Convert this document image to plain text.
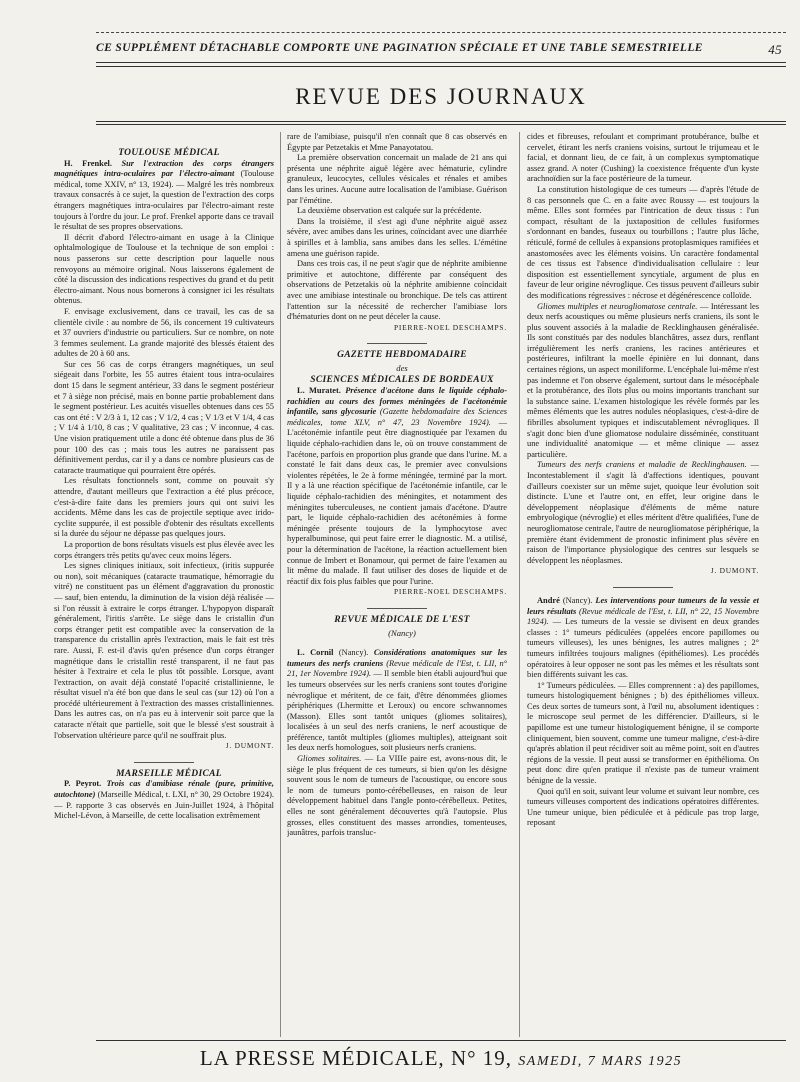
CE SUPPLÉMENT DÉTACHABLE COMPORTE UNE PAGINATION SPÉCIALE ET UNE TABLE SEMESTRIELLE	45
REVUE DES JOURNAUX

TOULOUSE MÉDICAL

H. Frenkel. Sur l'extraction des corps étrangers magnétiques intra-oculaires par l'électro-aimant (Toulouse médical, tome XXIV, n° 13, 1924). — Malgré les très nombreux travaux consacrés à ce sujet, la question de l'extraction des corps étrangers magnétiques intra-oculaires par l'électro-aimant reste toujours à l'ordre du jour. Le prof. Frenkel apporte dans ce travail le résultat de ses propres observations.

Il décrit d'abord l'électro-aimant en usage à la Clinique ophtalmologique de Toulouse et la technique de son emploi : nous passerons sur cette description pour laquelle nous renvoyons au mémoire original. Nous laisserons également de côté la discussion des indications respectives du grand et du petit électro-aimant. Nous nous bornerons à consigner ici les résultats obtenus.

F. envisage exclusivement, dans ce travail, les cas de sa clientèle civile : au nombre de 56, ils concernent 19 cultivateurs et 37 ouvriers d'industrie ou particuliers. Sur ce nombre, on note 3 femmes seulement. La grande majorité des blessés étaient des adultes de 20 à 60 ans.

Sur ces 56 cas de corps étrangers magnétiques, un seul siégeait dans l'orbite, les 55 autres étaient tous intra-oculaires dont 15 dans le segment antérieur, 33 dans le segment postérieur et 7 à siège non précisé, mais en bonne partie probablement dans le segment postérieur. Les acuités visuelles obtenues dans ces 55 cas ont été : V 2/3 à 1, 12 cas ; V 1/2, 4 cas ; V 1/3 et V 1/4, 4 cas ; V 1/4 à 1/10, 8 cas ; V qualitative, 23 cas ; V inconnue, 4 cas. Une vision pratiquement utile a donc été obtenue dans plus de 36 pour 100 des cas ; mais tous les autres ne paraissent pas définitivement perdus, car il y a dans ce nombre plusieurs cas de cataracte traumatique qui pourraient être opérés.

Les résultats fonctionnels sont, comme on pouvait s'y attendre, d'autant meilleurs que l'extraction a été plus précoce, c'est-à-dire faite dans les premiers jours qui ont suivi les accidents. Même dans les cas de projectile septique avec irido-cyclite suppurée, il est possible d'obtenir des résultats excellents si la durée du séjour ne dépasse pas quelques jours.

La proportion de bons résultats visuels est plus élevée avec les corps étrangers très petits qu'avec ceux moins légers.

Les signes cliniques initiaux, soit infectieux, (iritis suppurée ou non), soit mécaniques (cataracte traumatique, hémorragie du vitré) ne constituent pas un élément d'aggravation du pronostic — sauf, bien entendu, la diminution de la vision déjà réalisée — si l'on réussit à extraire le corps étranger. L'hypopyon disparaît généralement, l'iritis s'arrête. Le siège dans le cristallin d'un corps étranger petit est compatible avec la conservation de la transparence du cristallin après l'extraction, mais le fait est très rare. Aussi, F. est-il d'avis qu'en présence d'un corps étranger magnétique dans le cristallin resté transparent, il ne faut pas hésiter à l'extraire et cela le plus tôt possible. Lorsque, avant l'extraction, on avait déjà constaté l'opacité cristallinienne, le résultat visuel n'a été bon que dans le seul cas (sur 12) où l'on a procédé ultérieurement à l'extraction des masses cristalliniennes. Dans les autres cas, on n'a pas eu à intervenir soit parce que la cataracte n'était que partielle, soit que le blessé s'est soustrait à l'observation ultérieure parce qu'il ne souffrait plus.

J. DUMONT.

MARSEILLE MÉDICAL

P. Peyrot. Trois cas d'amibiase rénale (pure, primitive, autochtone) (Marseille Médical, t. LXI, n° 30, 29 Octobre 1924). — P. rapporte 3 cas observés en Juin-Juillet 1924, à l'hôpital Michel-Lévon, à Marseille, de cette localisation extrêmement

rare de l'amibiase, puisqu'il n'en connaît que 8 cas observés en Égypte par Petzetakis et Mme Panayotatou.

La première observation concernait un malade de 21 ans qui présenta une néphrite aiguë légère avec hématurie, cylindre granuleux, leucocytes, cellules vésicales et rénales et amibes dans les urines. Aucune autre localisation de l'amibiase. Guérison par l'émétine.

La deuxième observation est calquée sur la précédente.

Dans la troisième, il s'est agi d'une néphrite aiguë assez sévère, avec amibes dans les urines, coïncidant avec une diarrhée à spirilles et à lamblia, sans amibes dans les selles. L'émétine amena une guérison rapide.

Dans ces trois cas, il ne peut s'agir que de néphrite amibienne primitive et autochtone, différente par conséquent des observations de Petzetakis où la néphrite amibienne coïncidait avec une amibiase intestinale ou bronchique. De tels cas attirent l'attention sur la nécessité de rechercher l'amibiase lors d'hématuries dont on ne peut déceler la cause.

PIERRE-NOEL DESCHAMPS.

GAZETTE HEBDOMADAIRE

des

SCIENCES MÉDICALES DE BORDEAUX

L. Muratet. Présence d'acétone dans le liquide céphalo-rachidien au cours des formes méningées de l'acétonémie infantile, sans glycosurie (Gazette hebdomadaire des Sciences médicales, tome XLV, n° 47, 23 Novembre 1924). — L'acétonémie infantile peut être diagnostiquée par l'examen du liquide céphalo-rachidien dans le, où on trouve constamment de l'acétone, parfois en proportion plus grande que dans l'urine. M. a constaté le fait dans deux cas, le premier avec convulsions violentes répétées, le 2e à forme méningée, terminé par la mort. Il y a là une réaction spécifique de l'acétonémie infantile, car le liquide céphalo-rachidien des méningites, et notamment des méningites tuberculeuses, ne contient jamais d'acétone. D'autre part, le liquide céphalo-rachidien des acétonémies à forme méningée présente toujours de la lymphocytose avec hyperalbuminose, qui peut faire errer le diagnostic. M. a utilisé, pour la détermination de l'acétone, la réaction actuellement bien connue de Imbert et Bonamour, qui permet de faire l'examen au lit même du malade. Il faut utiliser des doses de liquide et de réactif dix fois plus faibles que pour l'urine.

PIERRE-NOEL DESCHAMPS.

REVUE MÉDICALE DE L'EST

(Nancy)

L. Cornil (Nancy). Considérations anatomiques sur les tumeurs des nerfs craniens (Revue médicale de l'Est, t. LII, n° 21, 1er Novembre 1924). — Il semble bien établi aujourd'hui que les tumeurs observées sur les nerfs craniens sont toutes d'origine névroglique et méritent, de ce fait, d'être dénommées gliomes périphériques (Lhermitte et Leroux) ou encore schwannomes (Masson). Elles sont tantôt uniques (gliomes solitaires), localisées à un seul des nerfs craniens, le nerf acoustique de préférence, tantôt multiples (gliomes multiples), atteignant soit les deux nerfs homologues, soit plusieurs nerfs craniens.

Gliomes solitaires. — La VIIIe paire est, avons-nous dit, le siège le plus fréquent de ces tumeurs, si bien qu'on les désigne souvent sous le nom de tumeurs de l'acoustique, ou encore sous le nom de tumeurs ponto-cérébelleuses, en raison de leur développement habituel dans l'angle ponto-cérébelleux. Petites, elles ne sont généralement découvertes qu'à l'autopsie. Plus grosses, elles constituent des masses arrondies, tomenteuses, jaunâtres, parfois transluc-

cides et fibreuses, refoulant et comprimant protubérance, bulbe et cervelet, étirant les nerfs craniens voisins, surtout le trijumeau et le facial, et donnant lieu, de ce fait, à un complexus symptomatique assez grand. A noter (Cushing) la coexistence fréquente d'un kyste arachnoïdien sur la face postérieure de la tumeur.

La constitution histologique de ces tumeurs — d'après l'étude de 8 cas personnels que C. en a faite avec Roussy — est toujours la même. Elles sont formées par l'intrication de deux tissus : l'un compact, résultant de la juxtaposition de cellules fusiformes s'ordonnant en bandes, fuseaux ou tourbillons ; l'autre plus lâche, réticulé, formé de cellules à expansions protoplasmiques ramifiées et anastomosées avec les éléments voisins. Un caractère fondamental de ces tissus est l'absence d'individualisation cellulaire : leur disposition est essentiellement syncytiale, argument de plus en faveur de leur origine névroglique. Ces tissus peuvent d'ailleurs subir des modifications régressives : nécrose et dégénérescence colloïde.

Gliomes multiples et neurogliomatose centrale. — Intéressant les deux nerfs acoustiques ou même plusieurs nerfs craniens, ils sont le plus souvent associés à la maladie de Recklinghausen généralisée. Ils sont constitués par des nodules blanchâtres, assez durs, renflant irrégulièrement les nerfs craniens, les racines antérieures et postérieures, infiltrant la moelle épinière en lui donnant, dans certaines régions, un aspect moniliforme. L'encéphale lui-même n'est pas indemne et l'on observe également, surtout dans le mésocéphale et la protubérance, des îlots plus ou moins importants tranchant sur la substance saine. L'examen histologique les révèle formés par les mêmes éléments que les autres nodules néoplasiques, c'est-à-dire de fibrilles absolument typiques et indiscutablement névrogliques. Il s'agit donc bien d'une gliomatose nodulaire disséminée, constituant une individualité anatomique — et même clinique — assez particulière.

Tumeurs des nerfs craniens et maladie de Recklinghausen. — Incontestablement il s'agit là d'affections identiques, pouvant d'ailleurs coexister sur un même sujet, quoique leur évolution soit distincte. L'une et l'autre ont, en effet, leur origine dans le développement néoplasique d'éléments de même nature embryologique (névroglie) et elles méritent d'être qualifiées, l'une de neurogliomatose centrale, l'autre de neurogliomatose périphérique, la première étant évidemment de pronostic infiniment plus sévère en raison de l'importance physiologique des centres sur lesquels se développent les néoplasmes.

J. DUMONT.

André (Nancy). Les interventions pour tumeurs de la vessie et leurs résultats (Revue médicale de l'Est, t. LII, n° 22, 15 Novembre 1924). — Les tumeurs de la vessie se divisent en deux grandes classes : 1° tumeurs pédiculées (appelées encore papillomes ou tumeurs villeuses), les unes bénignes, les autres malignes ; 2° tumeurs infiltrées toujours malignes (épithéliomes). Les procédés opératoires à leur opposer ne sont pas les mêmes et les résultats sont bien différents suivant les cas.

1° Tumeurs pédiculées. — Elles comprennent : a) des papillomes, tumeurs histologiquement bénignes ; b) des épithéliomes villeux. Ces deux sortes de tumeurs sont, à l'œil nu, absolument identiques : le microscope seul permet de les différencier. D'ailleurs, si le papillome est une tumeur histologiquement bénigne, il se comporte cliniquement, bien souvent, comme une tumeur maligne, c'est-à-dire qu'après ablation il peut récidiver soit au même point, soit en d'autres régions de la vessie. Il peut aussi se transformer en épithélioma. On peut donc dire qu'en pratique il n'existe pas de tumeur vraiment bénigne de la vessie.

Quoi qu'il en soit, suivant leur volume et suivant leur nombre, ces tumeurs villeuses comportent des indications opératoires différentes. Une tumeur unique, bien pédiculée et à pédicule pas trop large, reposant

LA PRESSE MÉDICALE, N° 19, SAMEDI, 7 MARS 1925
